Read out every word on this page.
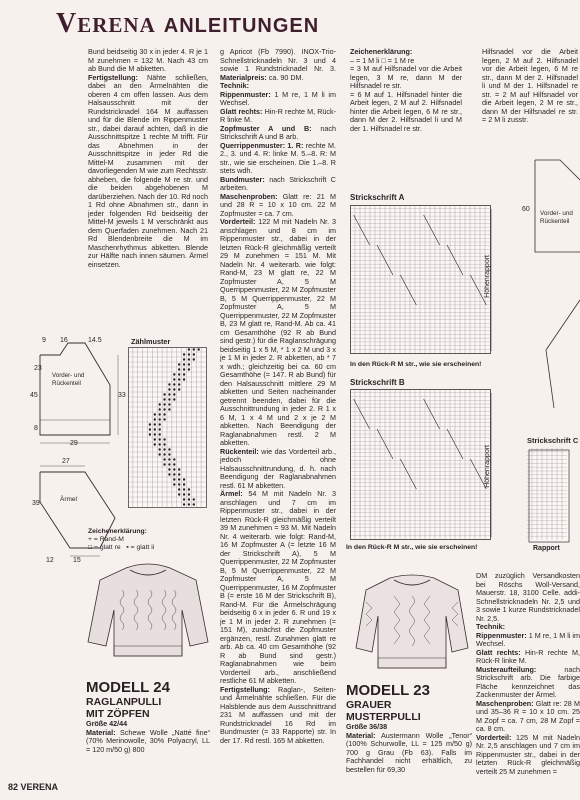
VERENA ANLEITUNGEN
Bund beidseitig 30 x in jeder 4. R je 1 M zunehmen = 132 M. Nach 43 cm ab Bund die M abketten.
Fertigstellung: Nähte schließen, dabei an den Ärmelnähten die oberen 4 cm offen lassen. Aus dem Halsausschnitt mit der Rundstricknadel 164 M auffassen und für die Blende im Rippenmuster str., dabei darauf achten, daß in die Ausschnittspitze 1 rechte M trifft. Für das Abnehmen in der Ausschnittspitze in jeder Rd die Mittel-M zusammen mit der davorliegenden M wie zum Rechtsstr. abheben, die folgende M re str. und die beiden abgehobenen M darüberziehen. Nach der 10. Rd noch 1 Rd ohne Abnahmen str., dann in jeder folgenden Rd beidseitig der Mittel-M jeweils 1 M verschränkt aus dem Querfaden zunehmen. Nach 21 Rd Blendenbreite die M im Maschenrhythmus abketten. Blende zur Hälfte nach innen säumen. Ärmel einsetzen.
g Apricot (Fb 7990). INOX-Trio-Schnellstricknadeln Nr. 3 und 4 sowie 1 Rundstricknadel Nr. 3. Materialpreis: ca. 90 DM.
Technik:
Rippenmuster: 1 M re, 1 M li im Wechsel.
Glatt rechts: Hin-R rechte M, Rück-R linke M.
Zopfmuster A und B: nach Strickschrift A und B arb.
Querrippenmuster: 1. R: rechte M. 2., 3. und 4. R: linke M. 5.–8. R: M str., wie sie erscheinen. Die 1.–8. R stets wdh.
Bundmuster: nach Strickschrift C arbeiten.
Maschenproben: Glatt re: 21 M und 28 R = 10 x 10 cm. 22 M Zopfmuster = ca. 7 cm.
Vorderteil: 122 M mit Nadeln Nr. 3 anschlagen und 8 cm im Rippenmuster str., dabei in der letzten Rück-R gleichmäßig verteilt 29 M zunehmen = 151 M. Mit Nadeln Nr. 4 weiterarb. wie folgt: Rand-M, 23 M glatt re, 22 M Zopfmuster A, 5 M Querrippenmuster, 22 M Zopfmuster B, 5 M Querrippenmuster, 22 M Zopfmuster A, 5 M Querrippenmuster, 22 M Zopfmuster B, 23 M glatt re, Rand-M. Ab ca. 41 cm Gesamthöhe (92 R ab Bund sind gestr.) für die Raglanschrägung beidseitig 1 x 5 M, * 1 x 2 M und 3 x je 1 M in jeder 2. R abketten, ab * 7 x wdh.; gleichzeitig bei ca. 60 cm Gesamthöhe (= 147. R ab Bund) für den Halsausschnitt mittlere 29 M abketten und Seiten nacheinander getrennt beenden, dabei für die Ausschnittrundung in jeder 2. R 1 x 6 M, 1 x 4 M und 2 x je 2 M abketten. Nach Beendigung der Raglanabnahmen restl. 2 M abketten.
Rückenteil: wie das Vorderteil arb., jedoch ohne Halsausschnittrundung, d. h. nach Beendigung der Raglanabnahmen restl. 61 M abketten.
Ärmel: 54 M mit Nadeln Nr. 3 anschlagen und 7 cm im Rippenmuster str., dabei in der letzten Rück-R gleichmäßig verteilt 39 M zunehmen = 93 M. Mit Nadeln Nr. 4 weiterarb. wie folgt: Rand-M, 16 M Zopfmuster A (= letzte 16 M der Strickschrift A), 5 M Querrippenmuster, 22 M Zopfmuster B, 5 M Querrippenmuster, 22 M Zopfmuster A, 5 M Querrippenmuster, 16 M Zopfmuster B (= erste 16 M der Strickschrift B), Rand-M. Für die Ärmelschrägung beidseitig 6 x in jeder 6. R und 19 x je 1 M in jeder 2. R zunehmen (= 151 M), zunächst die Zopfmuster ergänzen, restl. Zunahmen glatt re arb. Ab ca. 40 cm Gesamthöhe (92 R ab Bund sind gestr.) Raglanabnahmen wie beim Vorderteil arb., anschließend restliche 61 M abketten.
Fertigstellung: Raglan-, Seiten- und Ärmelnähte schließen. Für die Halsblende aus dem Ausschnittrand 231 M auffassen und mit der Rundstricknadel 16 Rd im Bundmuster (= 33 Rapporte) str. In der 17. Rd restl. 165 M abketten.
Zeichenerklärung:
– = 1 M li □ = 1 M re
= 3 M auf Hilfsnadel vor die Arbeit legen, 3 M re, dann M der Hilfsnadel re str.
= 6 M auf 1. Hilfsnadel hinter die Arbeit legen, 2 M auf 2. Hilfsnadel hinter die Arbeit legen, 6 M re str., dann M der 2. Hilfsnadel li und M der 1. Hilfsnadel re str.
Hilfsnadel vor die Arbeit legen, 2 M auf 2. Hilfsnadel vor die Arbeit legen, 6 M re str., dann M der 2. Hilfsnadel li und M der 1. Hilfsnadel re str. = 2 M auf Hilfsnadel vor die Arbeit legen, 2 M re str., dann M der Hilfsnadel re str. = 2 M li zusstr.
Strickschrift A
Höhenrapport
In den Rück-R M str., wie sie erscheinen!
Strickschrift B
Höhenrapport
In den Rück-R M str., wie sie erscheinen!
Vorder- und Rückenteil
60
Strickschrift C
Rapport
Vorder- und Rückenteil
9 16	14.5
23
45	33
8
29
Ärmel
27
39
12	15
Zählmuster
Zeichenerklärung:
+ = Rand-M
□ = glatt re ▪ = glatt li
MODELL 24
RAGLANPULLI
MIT ZÖPFEN
Größe 42/44
Material: Schewe Wolle „Natté fine“ (70% Merinowolle, 30% Polyacryl, LL = 120 m/50 g) 800
MODELL 23
GRAUER
MUSTERPULLI
Größe 36/38
Material: Austermann Wolle „Tenor“ (100% Schurwolle, LL = 125 m/50 g) 700 g Grau (Fb 63). Falls im Fachhandel nicht erhältlich, zu bestellen für 69,30
DM zuzüglich Versandkosten bei Röschs Woll-Versand, Mauerstr. 18, 3100 Celle. addi-Schnellstricknadeln Nr. 2,5 und 3 sowie 1 kurze Rundstricknadel Nr. 2,5.
Technik:
Rippenmuster: 1 M re, 1 M li im Wechsel.
Glatt rechts: Hin-R rechte M, Rück-R linke M.
Musteraufteilung:	nach Strickschrift arb. Die farbige Fläche kennzeichnet das Zackenmuster der Ärmel.
Maschenproben: Glatt re: 28 M und 35–36 R = 10 x 10 cm. 25 M Zopf = ca. 7 cm, 28 M Zopf = ca. 8 cm.
Vorderteil: 125 M mit Nadeln Nr. 2,5 anschlagen und 7 cm im Rippenmuster str., dabei in der letzten Rück-R gleichmäßig verteilt 25 M zunehmen =
82 VERENA
